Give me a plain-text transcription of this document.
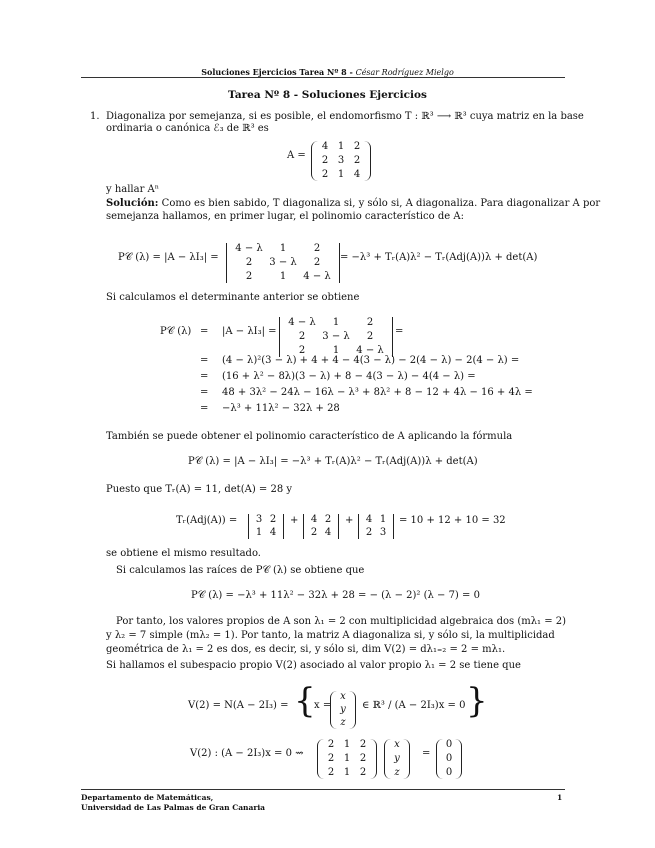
Soluciones Ejercicios Tarea Nº 8 - César Rodríguez Mielgo
Tarea Nº 8 - Soluciones Ejercicios
1. Diagonaliza por semejanza, si es posible, el endomorfismo T : ℝ³ ⟶ ℝ³ cuya matriz en la base
ordinaria o canónica ℰ₃ de ℝ³ es
A =
4 1 2
2 3 2
2 1 4
y hallar Aⁿ
Solución: Como es bien sabido, T diagonaliza si, y sólo si, A diagonaliza. Para diagonalizar A por
semejanza hallamos, en primer lugar, el polinomio característico de A:
P𝒞 (λ) = |A − λI₃| =
4 − λ	1	2
2	3 − λ	2
2	1	4 − λ
= −λ³ + Tᵣ(A)λ² − Tᵣ(Adj(A))λ + det(A)
Si calculamos el determinante anterior se obtiene
P𝒞 (λ) = |A − λI₃| =
4 − λ	1	2
2	3 − λ	2
2	1	4 − λ
=
= (4 − λ)²(3 − λ) + 4 + 4 − 4(3 − λ) − 2(4 − λ) − 2(4 − λ) =
= (16 + λ² − 8λ)(3 − λ) + 8 − 4(3 − λ) − 4(4 − λ) =
= 48 + 3λ² − 24λ − 16λ − λ³ + 8λ² + 8 − 12 + 4λ − 16 + 4λ =
= −λ³ + 11λ² − 32λ + 28
También se puede obtener el polinomio característico de A aplicando la fórmula
P𝒞 (λ) = |A − λI₃| = −λ³ + Tᵣ(A)λ² − Tᵣ(Adj(A))λ + det(A)
Puesto que Tᵣ(A) = 11, det(A) = 28 y
Tᵣ(Adj(A)) =	3 2
1 4
+	4 2
2 4
+	4 1
2 3
= 10 + 12 + 10 = 32
se obtiene el mismo resultado.
Si calculamos las raíces de P𝒞 (λ) se obtiene que
P𝒞 (λ) = −λ³ + 11λ² − 32λ + 28 = − (λ − 2)² (λ − 7) = 0
Por tanto, los valores propios de A son λ₁ = 2 con multiplicidad algebraica dos (mλ₁ = 2)
y λ₂ = 7 simple (mλ₂ = 1). Por tanto, la matriz A diagonaliza si, y sólo si, la multiplicidad
geométrica de λ₁ = 2 es dos, es decir, si, y sólo si, dim V(2) = dλ₁₌₂ = 2 = mλ₁.
Si hallamos el subespacio propio V(2) asociado al valor propio λ₁ = 2 se tiene que
V(2) = N(A − 2I₃) = {
x =
x
y
z
∈ ℝ³ / (A − 2I₃)x = 0 }
V(2) : (A − 2I₃)x = 0 ⇝
2 1 2
2 1 2
2 1 2
x
y
z
=
0
0
0
Departamento de Matemáticas,
Universidad de Las Palmas de Gran Canaria
1
